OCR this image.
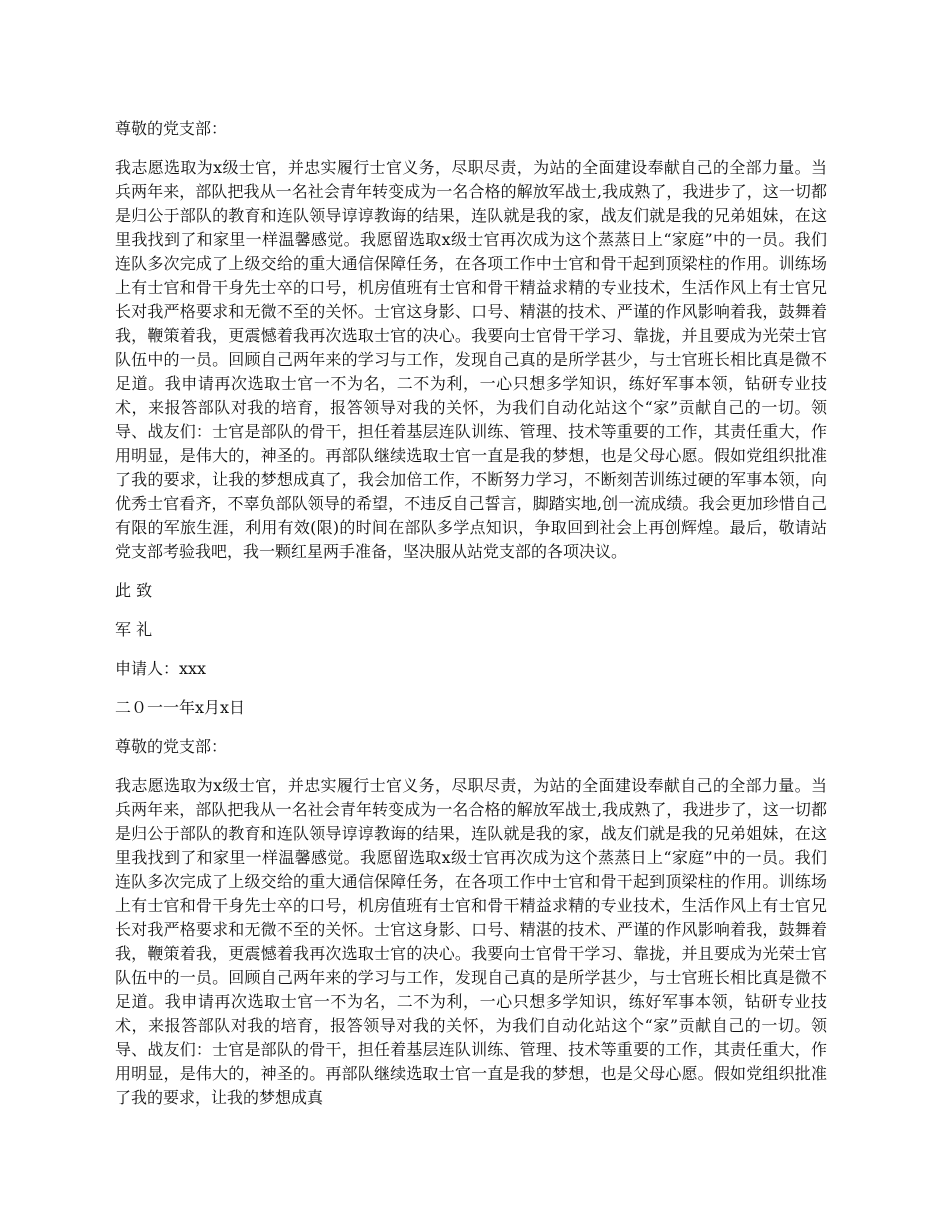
尊敬的党支部：

我志愿选取为x级士官，并忠实履行士官义务，尽职尽责，为站的全面建设奉献自己的全部力量。当兵两年来，部队把我从一名社会青年转变成为一名合格的解放军战士,我成熟了，我进步了，这一切都是归公于部队的教育和连队领导谆谆教诲的结果，连队就是我的家，战友们就是我的兄弟姐妹，在这里我找到了和家里一样温馨感觉。我愿留选取x级士官再次成为这个蒸蒸日上“家庭”中的一员。我们连队多次完成了上级交给的重大通信保障任务，在各项工作中士官和骨干起到顶梁柱的作用。训练场上有士官和骨干身先士卒的口号，机房值班有士官和骨干精益求精的专业技术，生活作风上有士官兄长对我严格要求和无微不至的关怀。士官这身影、口号、精湛的技术、严谨的作风影响着我，鼓舞着我，鞭策着我，更震憾着我再次选取士官的决心。我要向士官骨干学习、靠拢，并且要成为光荣士官队伍中的一员。回顾自己两年来的学习与工作，发现自己真的是所学甚少，与士官班长相比真是微不足道。我申请再次选取士官一不为名，二不为利，一心只想多学知识，练好军事本领，钻研专业技术，来报答部队对我的培育，报答领导对我的关怀，为我们自动化站这个“家”贡献自己的一切。领导、战友们：士官是部队的骨干，担任着基层连队训练、管理、技术等重要的工作，其责任重大，作用明显，是伟大的，神圣的。再部队继续选取士官一直是我的梦想，也是父母心愿。假如党组织批准了我的要求，让我的梦想成真了，我会加倍工作，不断努力学习，不断刻苦训练过硬的军事本领，向优秀士官看齐，不辜负部队领导的希望，不违反自己誓言，脚踏实地,创一流成绩。我会更加珍惜自己有限的军旅生涯，利用有效(限)的时间在部队多学点知识，争取回到社会上再创辉煌。最后，敬请站党支部考验我吧，我一颗红星两手准备，坚决服从站党支部的各项决议。

此 致

军 礼

申请人：xxx

二０一一年x月x日

尊敬的党支部：

我志愿选取为x级士官，并忠实履行士官义务，尽职尽责，为站的全面建设奉献自己的全部力量。当兵两年来，部队把我从一名社会青年转变成为一名合格的解放军战士,我成熟了，我进步了，这一切都是归公于部队的教育和连队领导谆谆教诲的结果，连队就是我的家，战友们就是我的兄弟姐妹，在这里我找到了和家里一样温馨感觉。我愿留选取x级士官再次成为这个蒸蒸日上“家庭”中的一员。我们连队多次完成了上级交给的重大通信保障任务，在各项工作中士官和骨干起到顶梁柱的作用。训练场上有士官和骨干身先士卒的口号，机房值班有士官和骨干精益求精的专业技术，生活作风上有士官兄长对我严格要求和无微不至的关怀。士官这身影、口号、精湛的技术、严谨的作风影响着我，鼓舞着我，鞭策着我，更震憾着我再次选取士官的决心。我要向士官骨干学习、靠拢，并且要成为光荣士官队伍中的一员。回顾自己两年来的学习与工作，发现自己真的是所学甚少，与士官班长相比真是微不足道。我申请再次选取士官一不为名，二不为利，一心只想多学知识，练好军事本领，钻研专业技术，来报答部队对我的培育，报答领导对我的关怀，为我们自动化站这个“家”贡献自己的一切。领导、战友们：士官是部队的骨干，担任着基层连队训练、管理、技术等重要的工作，其责任重大，作用明显，是伟大的，神圣的。再部队继续选取士官一直是我的梦想，也是父母心愿。假如党组织批准了我的要求，让我的梦想成真
